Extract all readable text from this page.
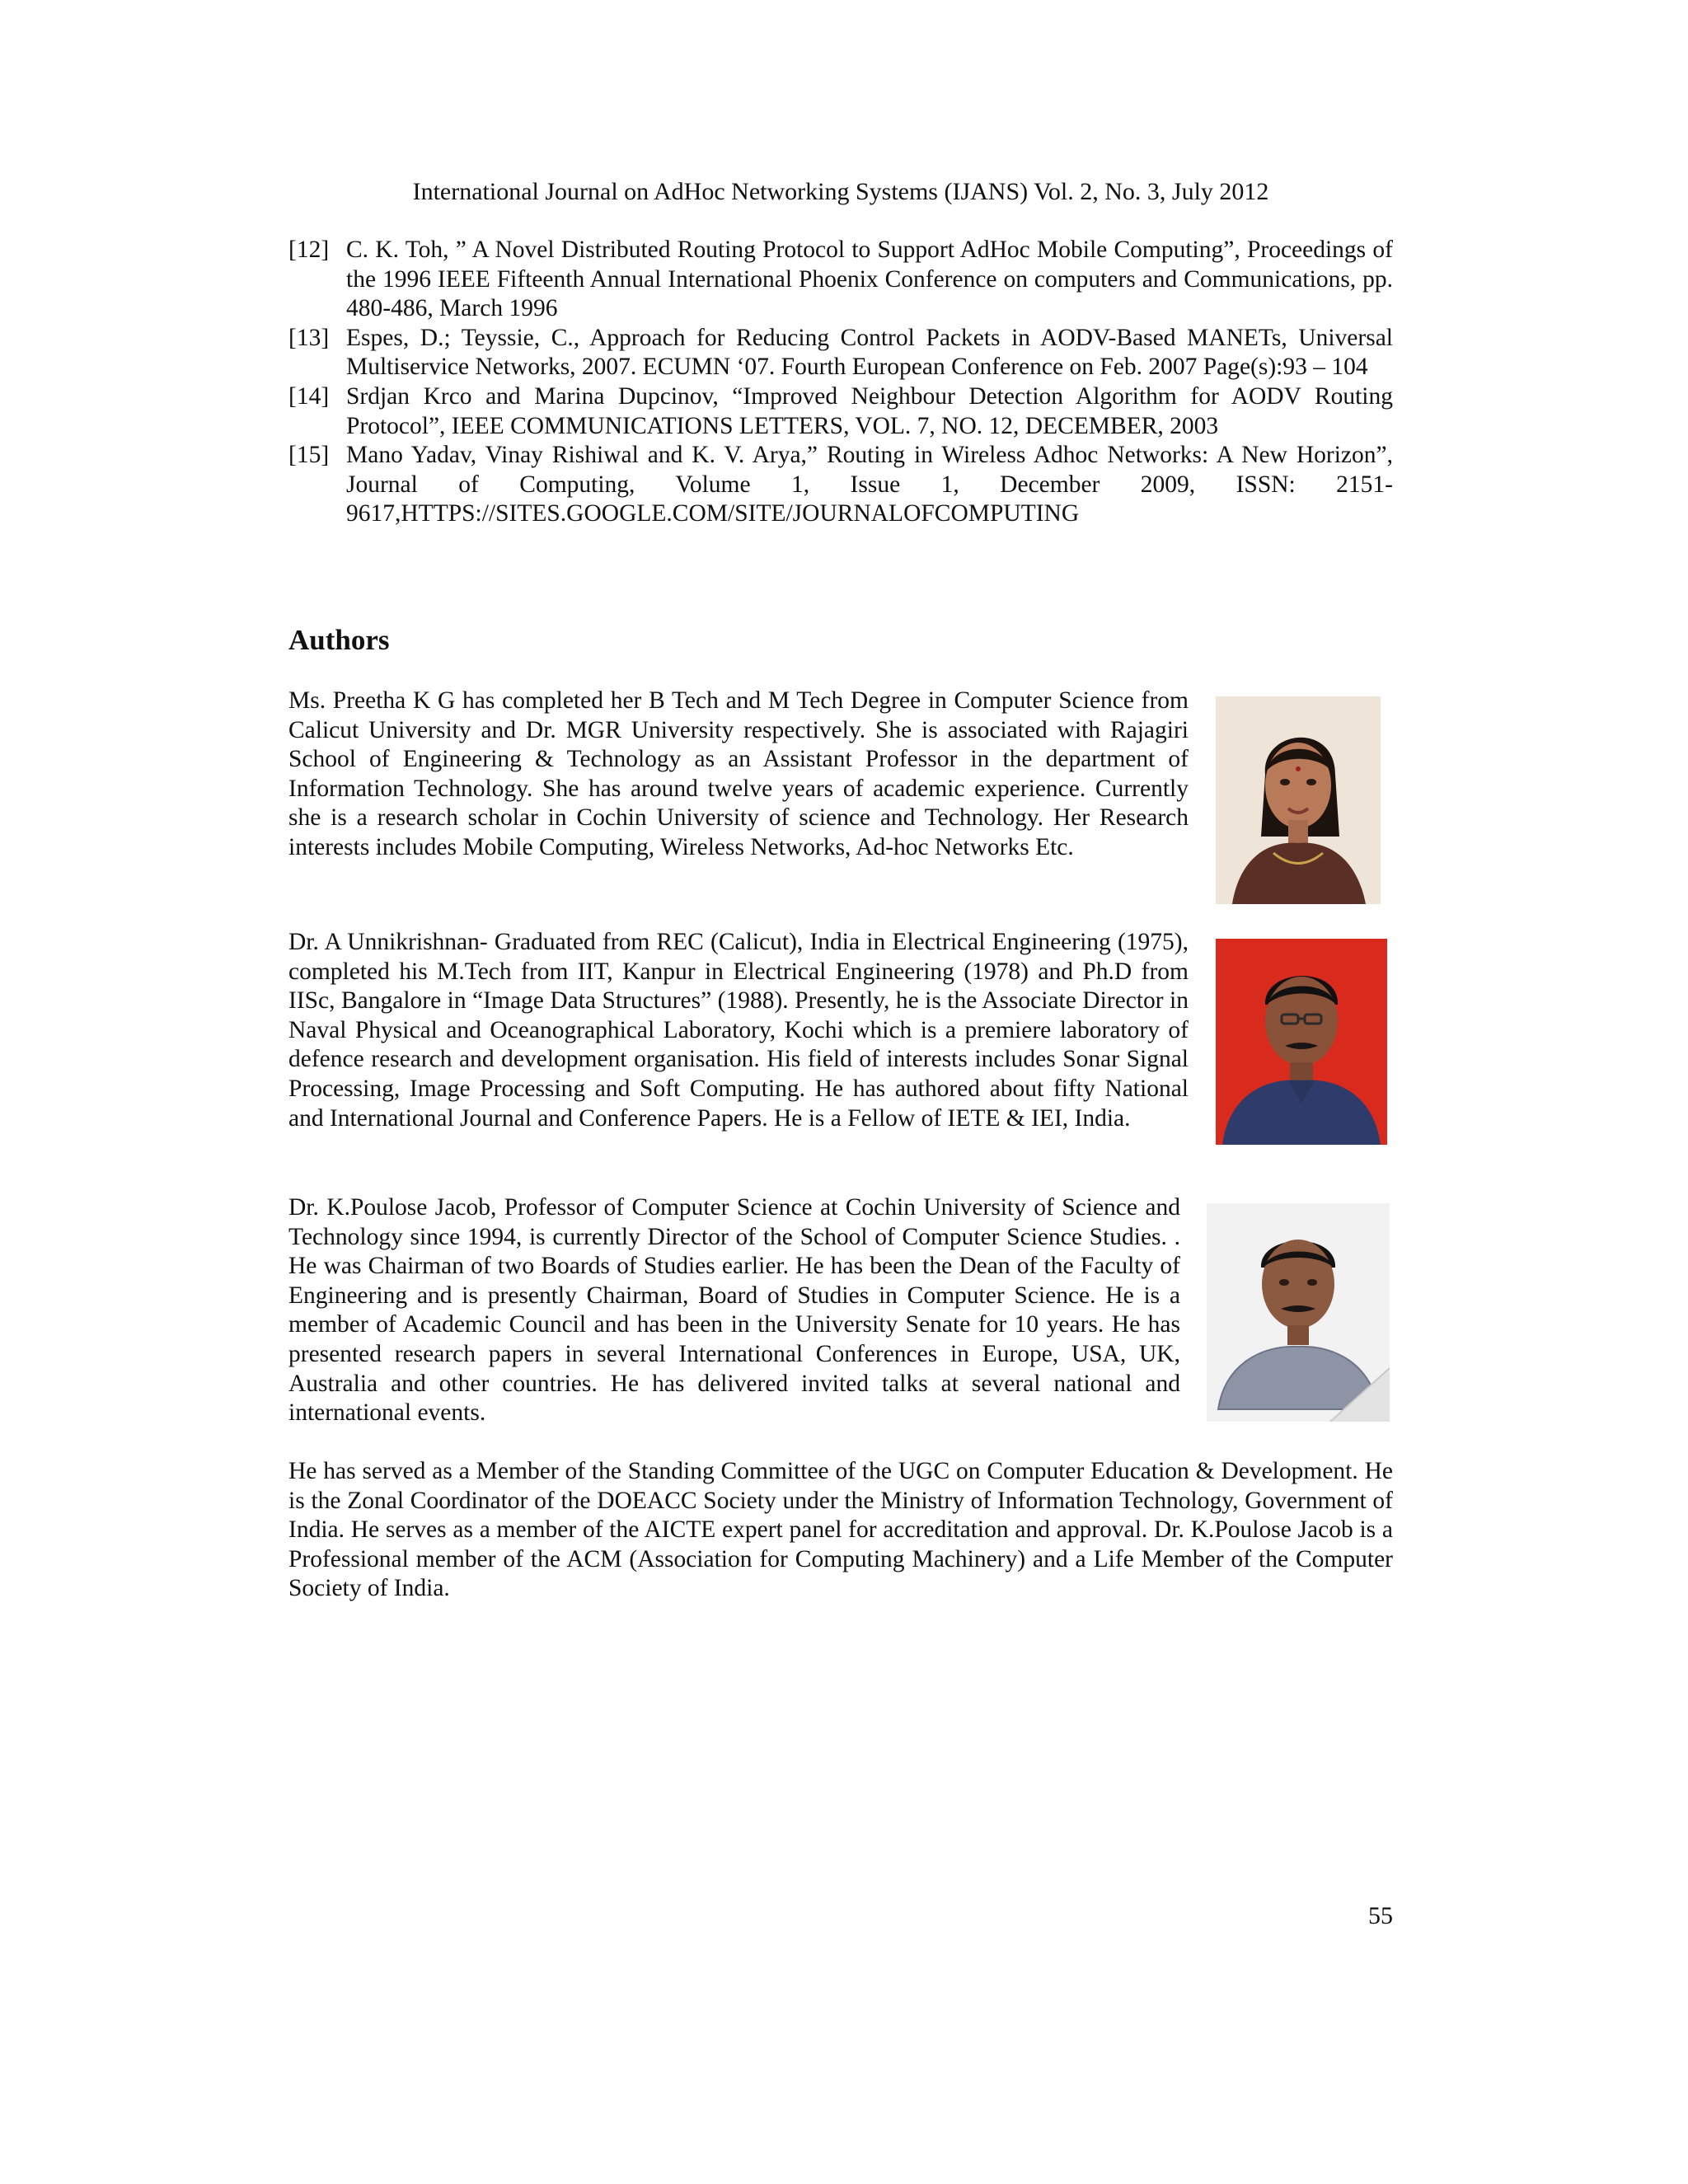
International Journal on AdHoc Networking Systems (IJANS) Vol. 2, No. 3, July 2012
[12] C. K. Toh, ” A Novel Distributed Routing Protocol to Support AdHoc Mobile Computing”, Proceedings of the 1996 IEEE Fifteenth Annual International Phoenix Conference on computers and Communications, pp. 480‐486, March 1996
[13] Espes, D.; Teyssie, C., Approach for Reducing Control Packets in AODV-Based MANETs, Universal Multiservice Networks, 2007. ECUMN ‘07. Fourth European Conference on Feb. 2007 Page(s):93 – 104
[14] Srdjan Krco and Marina Dupcinov, “Improved Neighbour Detection Algorithm for AODV Routing Protocol”, IEEE COMMUNICATIONS LETTERS, VOL. 7, NO. 12, DECEMBER, 2003
[15] Mano Yadav, Vinay Rishiwal and K. V. Arya,” Routing in Wireless Adhoc Networks: A New Horizon”, Journal of Computing, Volume 1, Issue 1, December 2009, ISSN: 2151-9617,HTTPS://SITES.GOOGLE.COM/SITE/JOURNALOFCOMPUTING
Authors

Ms. Preetha K G has completed her B Tech and M Tech Degree in Computer Science from Calicut University and Dr. MGR University respectively. She is associated with Rajagiri School of Engineering & Technology as an Assistant Professor in the department of Information Technology. She has around twelve years of academic experience. Currently she is a research scholar in Cochin University of science and Technology. Her Research interests includes Mobile Computing, Wireless Networks, Ad-hoc Networks Etc.

Dr. A Unnikrishnan- Graduated from REC (Calicut), India in Electrical Engineering (1975), completed his M.Tech from IIT, Kanpur in Electrical Engineering (1978) and Ph.D from IISc, Bangalore in “Image Data Structures” (1988). Presently, he is the Associate Director in Naval Physical and Oceanographical Laboratory, Kochi which is a premiere laboratory of defence research and development organisation. His field of interests includes Sonar Signal Processing, Image Processing and Soft Computing. He has authored about fifty National and International Journal and Conference Papers. He is a Fellow of IETE & IEI, India.

Dr. K.Poulose Jacob, Professor of Computer Science at Cochin University of Science and Technology since 1994, is currently Director of the School of Computer Science Studies. . He was Chairman of two Boards of Studies earlier. He has been the Dean of the Faculty of Engineering and is presently Chairman, Board of Studies in Computer Science. He is a member of Academic Council and has been in the University Senate for 10 years. He has presented research papers in several International Conferences in Europe, USA, UK, Australia and other countries. He has delivered invited talks at several national and international events.

He has served as a Member of the Standing Committee of the UGC on Computer Education & Development. He is the Zonal Coordinator of the DOEACC Society under the Ministry of Information Technology, Government of India. He serves as a member of the AICTE expert panel for accreditation and approval. Dr. K.Poulose Jacob is a Professional member of the ACM (Association for Computing Machinery) and a Life Member of the Computer Society of India.

55
